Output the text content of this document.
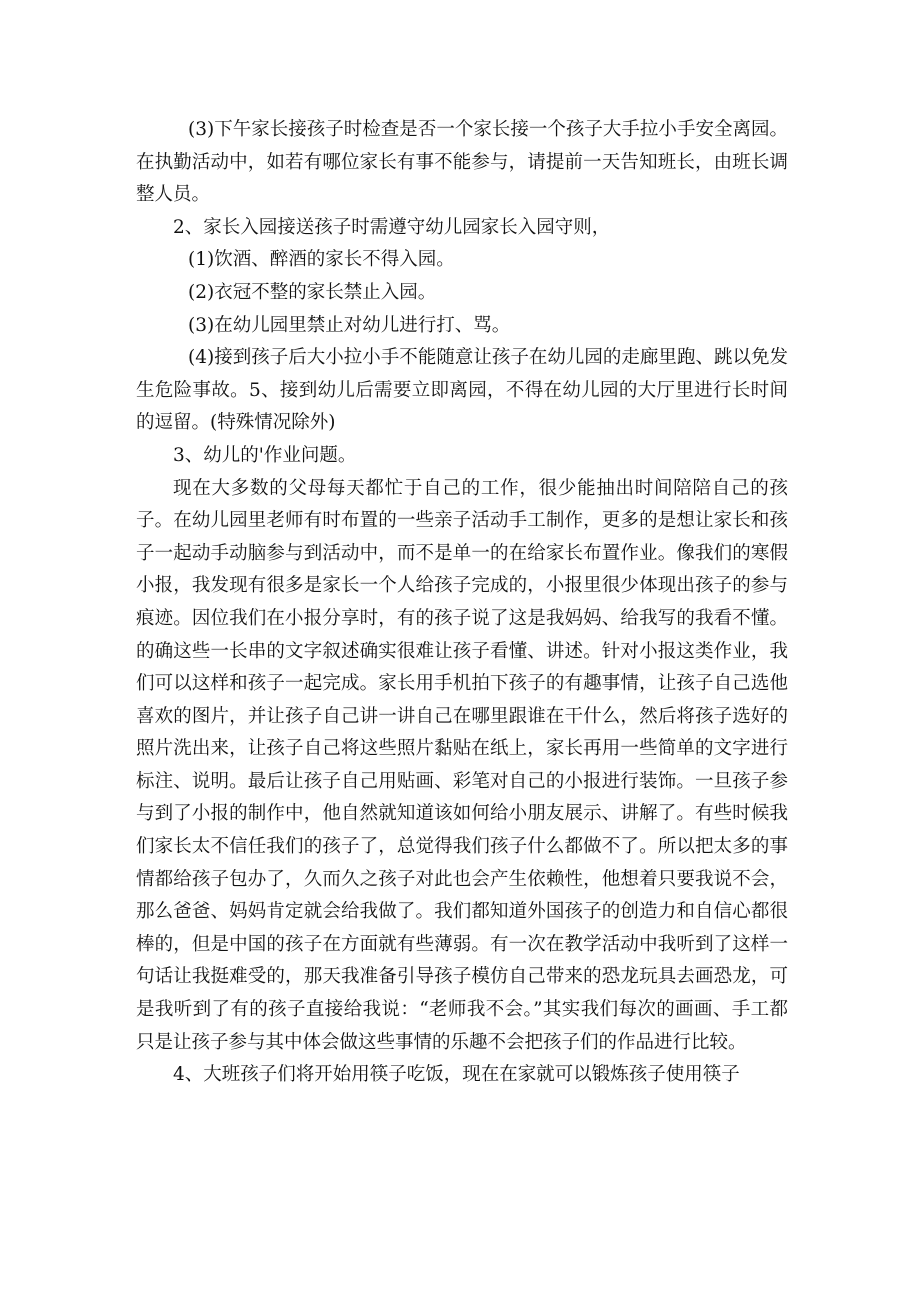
(3)下午家长接孩子时检查是否一个家长接一个孩子大手拉小手安全离园。在执勤活动中，如若有哪位家长有事不能参与，请提前一天告知班长，由班长调整人员。

2、家长入园接送孩子时需遵守幼儿园家长入园守则，

(1)饮酒、醉酒的家长不得入园。

(2)衣冠不整的家长禁止入园。

(3)在幼儿园里禁止对幼儿进行打、骂。

(4)接到孩子后大小拉小手不能随意让孩子在幼儿园的走廊里跑、跳以免发生危险事故。5、接到幼儿后需要立即离园，不得在幼儿园的大厅里进行长时间的逗留。(特殊情况除外)

3、幼儿的'作业问题。

现在大多数的父母每天都忙于自己的工作，很少能抽出时间陪陪自己的孩子。在幼儿园里老师有时布置的一些亲子活动手工制作，更多的是想让家长和孩子一起动手动脑参与到活动中，而不是单一的在给家长布置作业。像我们的寒假小报，我发现有很多是家长一个人给孩子完成的，小报里很少体现出孩子的参与痕迹。因位我们在小报分享时，有的孩子说了这是我妈妈、给我写的我看不懂。的确这些一长串的文字叙述确实很难让孩子看懂、讲述。针对小报这类作业，我们可以这样和孩子一起完成。家长用手机拍下孩子的有趣事情，让孩子自己选他喜欢的图片，并让孩子自己讲一讲自己在哪里跟谁在干什么，然后将孩子选好的照片洗出来，让孩子自己将这些照片黏贴在纸上，家长再用一些简单的文字进行标注、说明。最后让孩子自己用贴画、彩笔对自己的小报进行装饰。一旦孩子参与到了小报的制作中，他自然就知道该如何给小朋友展示、讲解了。有些时候我们家长太不信任我们的孩子了，总觉得我们孩子什么都做不了。所以把太多的事情都给孩子包办了，久而久之孩子对此也会产生依赖性，他想着只要我说不会，那么爸爸、妈妈肯定就会给我做了。我们都知道外国孩子的创造力和自信心都很棒的，但是中国的孩子在方面就有些薄弱。有一次在教学活动中我听到了这样一句话让我挺难受的，那天我准备引导孩子模仿自己带来的恐龙玩具去画恐龙，可是我听到了有的孩子直接给我说：“老师我不会。”其实我们每次的画画、手工都只是让孩子参与其中体会做这些事情的乐趣不会把孩子们的作品进行比较。

4、大班孩子们将开始用筷子吃饭，现在在家就可以锻炼孩子使用筷子
